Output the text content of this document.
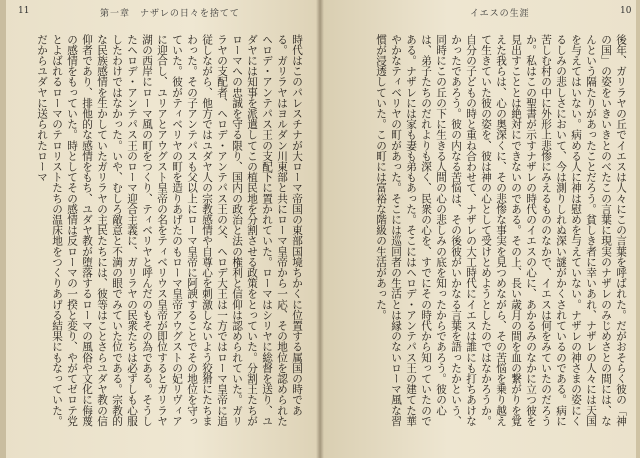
11	第一章　ナザレの日々を捨てて

時代はこのパレスチナが大ローマ帝国の東部国境ちかくに位置する属国の時である。ガリラヤはヨルダン川東部と共にローマ皇帝から一応、その地位を認められたヘロデ・アンテパス王の支配下に置かれていた。ローマはシリヤに総督を送り、ユダヤには知事を派遣してこの植民地を分割させる政策をとっていた。分割王たちがローマへの忠誠を守る限り、国内の政治と法の権利と信仰は認められていた。ガリラヤの支配者、ヘロデ・アンテパス王の父、ヘロデ大王は一方ではローマ皇帝に追従しながら、他方ではユダヤ人の宗教感情や自尊心を刺激しないよう狡猾にたちまわった。その子アンテパスも父以上にローマ皇帝に阿諛することでその地位を守っていた。彼がティベリヤの町を造りあげたのもローマ皇帝アウグストの妃リヴィアに迎合し、ユリアとアウグスト皇帝の名をティベリウス皇帝が即位するとガリラヤ湖の西岸にローマ風の町をつくり、ティベリヤと呼んだのもその為である。そうしたヘロデ・アンテパス王のローマ迎合主義に、ガリラヤの民衆たちは必ずしも心服したわけではなかった。いや、むしろ敵意と不満の眼でみていた位である。宗教的な民族感情を生かしていたガリラヤの主民たちには、彼等はことさらユダヤ教の信仰者であり、排他的な感情をもち、ユダヤ教が堕落するローマの風俗や文化に侮蔑の感情をもっていた。時としてその感情は反ローマの一揆と変り、やがてゼロテ党とよばれるローマのテロリストたちの温床地をつくりあげる結果にもなっていた。だからユダヤに送られたローマ

イエスの生涯	10

後年、ガリラヤの丘でイエスは人々にこの言葉を呼ばれた。だがおそらく彼の「神の国」の姿をいきいきとのべたこの言葉に現実のナザレのみじめさとの間には、なんという隔たりがあったことだろう。貧しき者に幸いあれ、ナザレの人々には天国を与えてはいない。病める人に神は慰めを与えていない。ナザレの神さまの姿にくるしみの悲しさにおいて、今は測りしれぬ深い謎がかくされているのである。病に苦しむ村の中に外形上悲惨にみえるもののなかで、イエスは何をみていたのだろうか。私はこの聖書が示すナザレの時代のイエスの心に、あかるみのなかに立つ彼を見出すこととは絶対にできないのである。その上、長い歳月の間を血の繋がりを覚えた我らは、心の奥深くに、その悲惨な事実を見つめながら、その苦悩を乗り越えて生きていた彼の姿を、彼は神の心として受けとめようとしたのではなかろうか。自分の子どもの時と重ね合わせて、ナザレの大工時代にイエスは誰にも打ちあけなかったであろう。彼の内なる苦悩は、その後彼がいかなる言葉を語ったかという、同時にこの丘の下に生きる人間の心の悲しみの底を知ったからであろう。彼の心は、弟子たちのだれよりも深く、民衆の心を、すでにその時代から知っていたのである。ナザレには家も妻も弟もあった。そこにはヘロデ・アンテパス王の建てた華やかなティベリヤの町があった。そこには巡回者の生活とは縁のないローマ風な習慣が浸透していた。この町には富裕な階級の生活があった。
